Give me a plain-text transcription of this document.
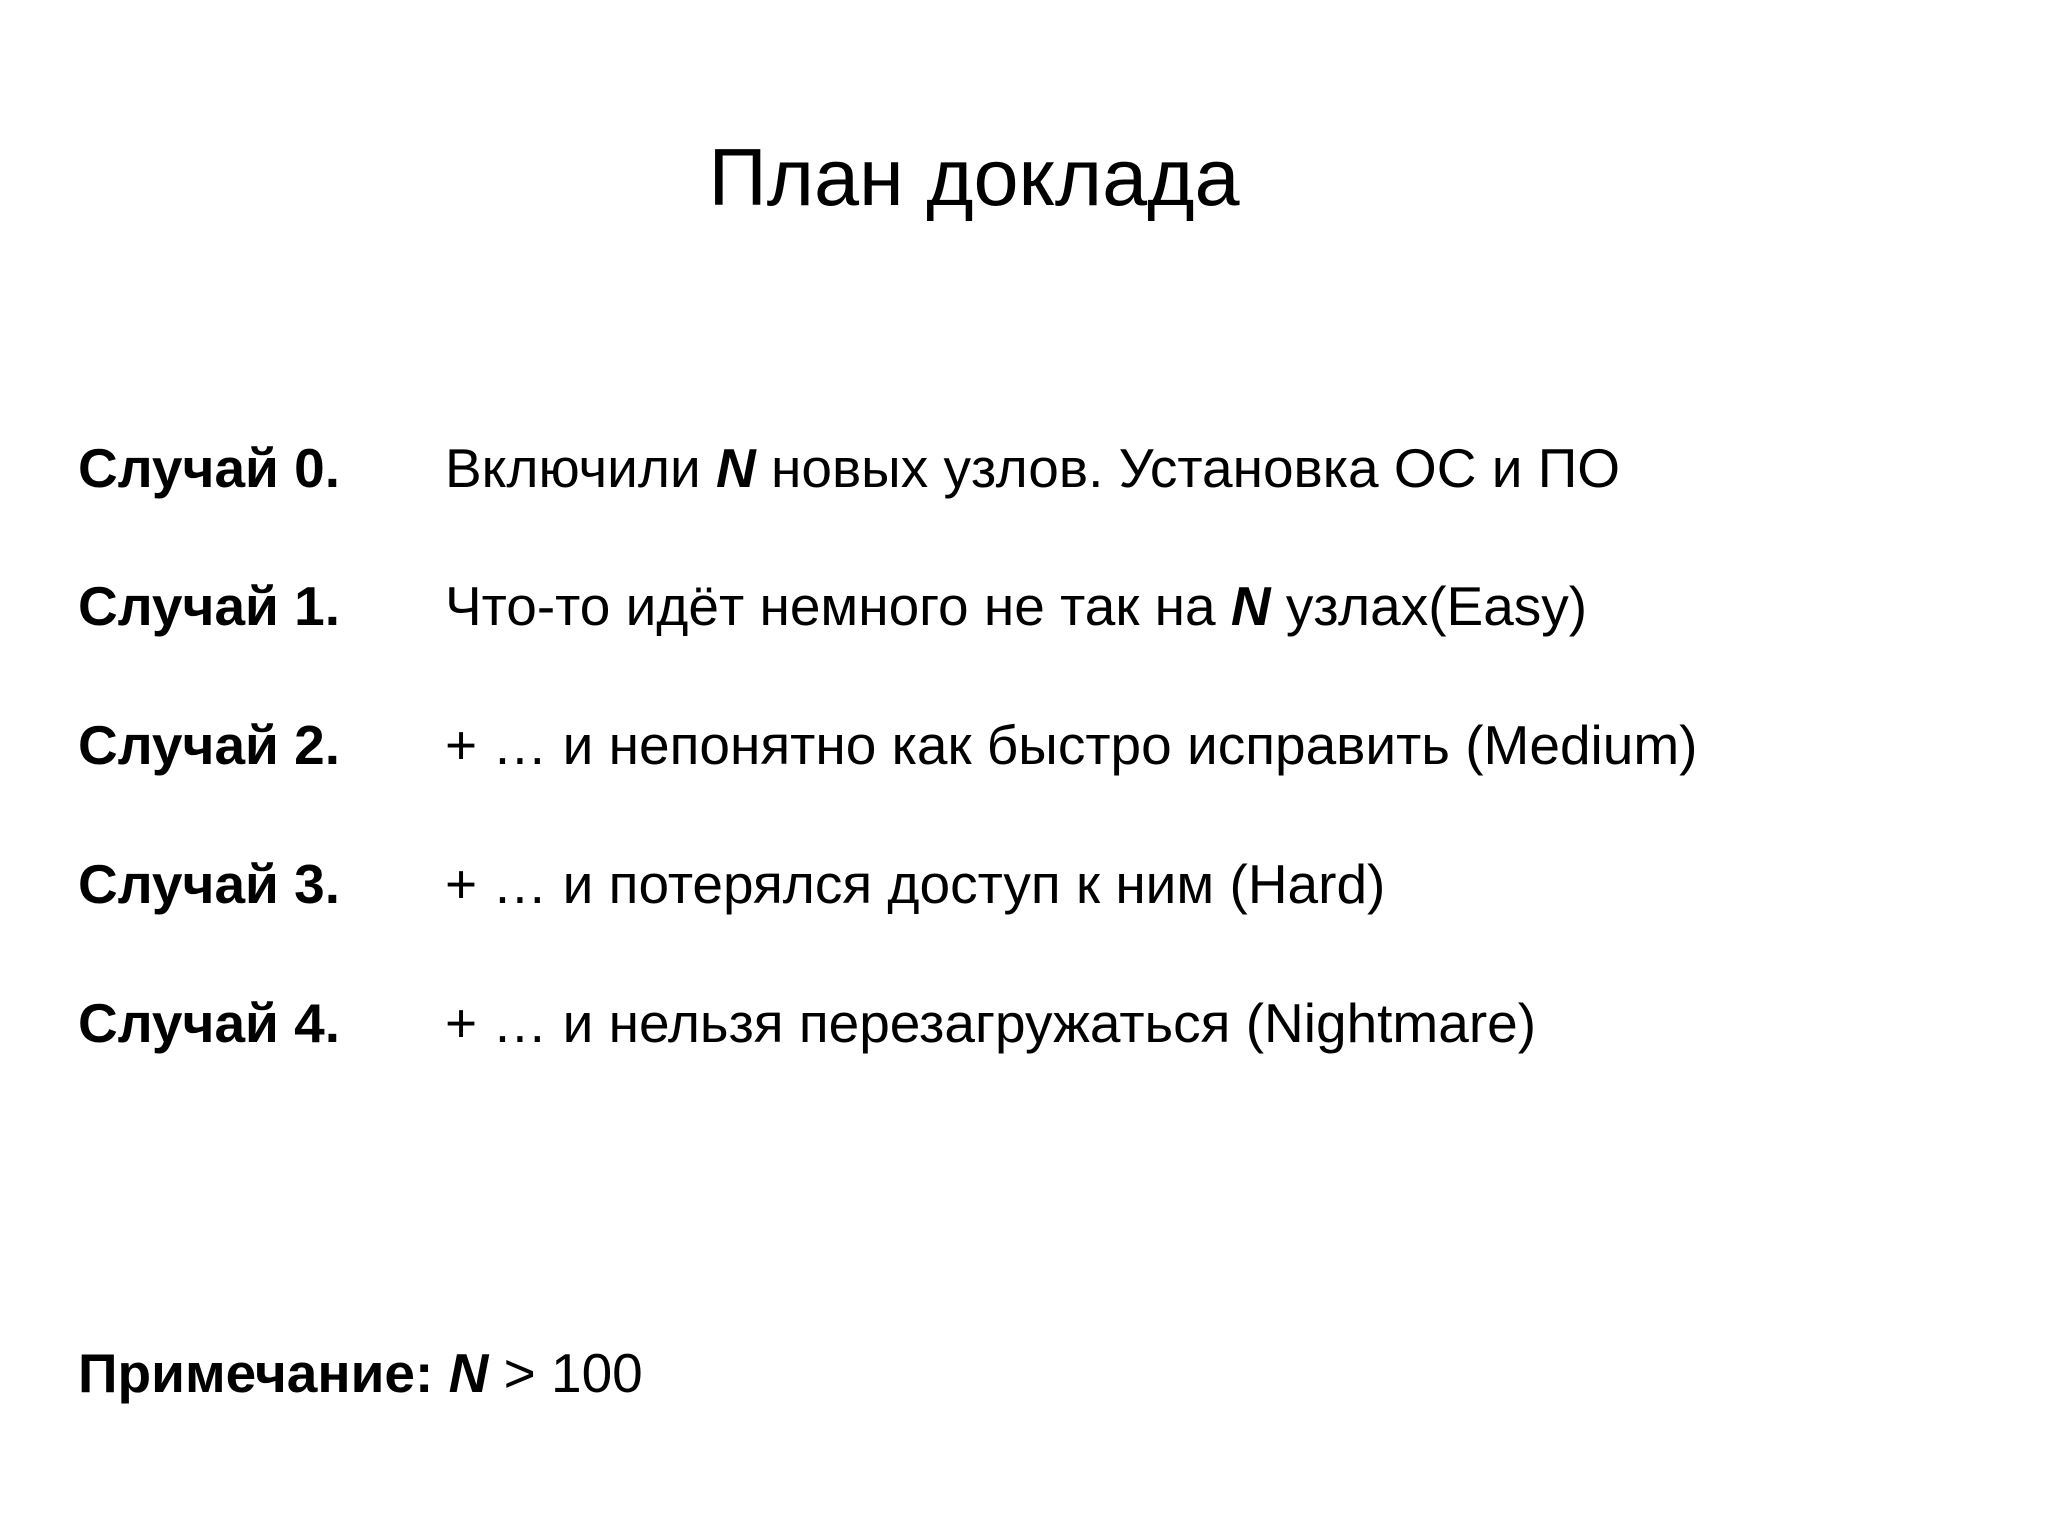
План доклада
Случай 0. Включили N новых узлов. Установка ОС и ПО
Случай 1. Что-то идёт немного не так на N узлах(Easy)
Случай 2. + … и непонятно как быстро исправить (Medium)
Случай 3. + … и потерялся доступ к ним (Hard)
Случай 4. + … и нельзя перезагружаться (Nightmare)
Примечание: N > 100
